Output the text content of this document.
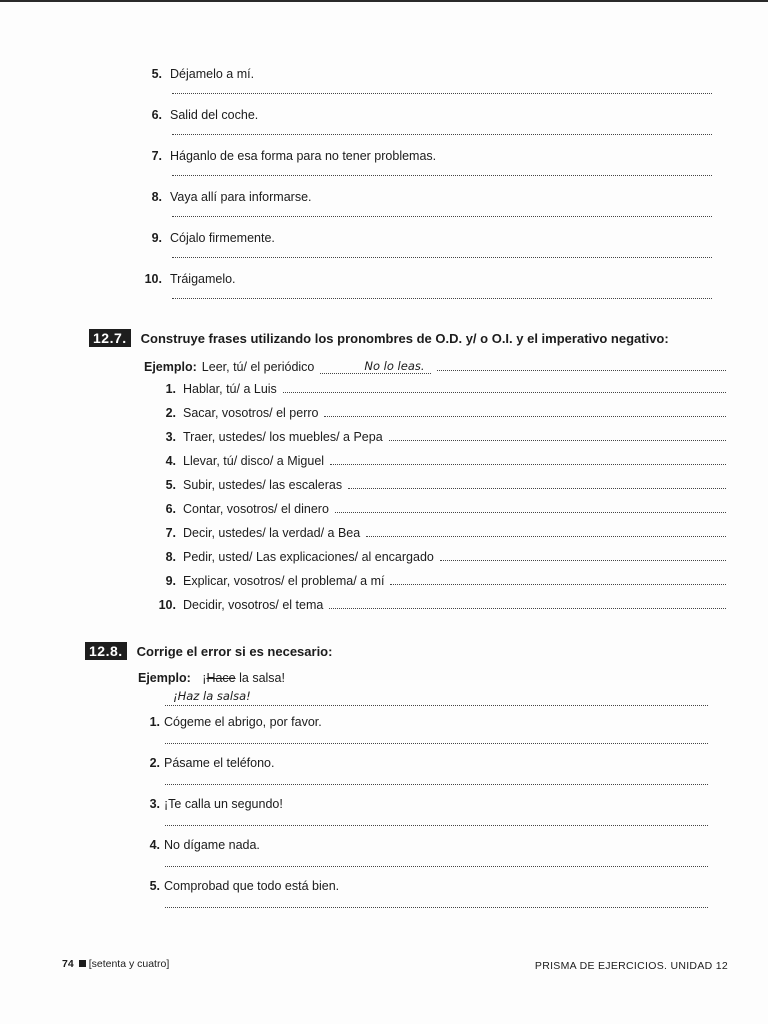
5. Déjamelo a mí.
6. Salid del coche.
7. Háganlo de esa forma para no tener problemas.
8. Vaya allí para informarse.
9. Cójalo firmemente.
10. Tráigamelo.
12.7.	Construye frases utilizando los pronombres de O.D. y/ o O.I. y el imperativo negativo:
Ejemplo: Leer, tú/ el periódico	No lo leas.
1. Hablar, tú/ a Luis
2. Sacar, vosotros/ el perro
3. Traer, ustedes/ los muebles/ a Pepa
4. Llevar, tú/ disco/ a Miguel
5. Subir, ustedes/ las escaleras
6. Contar, vosotros/ el dinero
7. Decir, ustedes/ la verdad/ a Bea
8. Pedir, usted/ Las explicaciones/ al encargado
9. Explicar, vosotros/ el problema/ a mí
10. Decidir, vosotros/ el tema
12.8.	Corrige el error si es necesario:
Ejemplo: ¡Hace la salsa!
¡Haz la salsa!
1. Cógeme el abrigo, por favor.
2. Pásame el teléfono.
3. ¡Te calla un segundo!
4. No dígame nada.
5. Comprobad que todo está bien.
74 [setenta y cuatro]	PRISMA DE EJERCICIOS. UNIDAD 12
